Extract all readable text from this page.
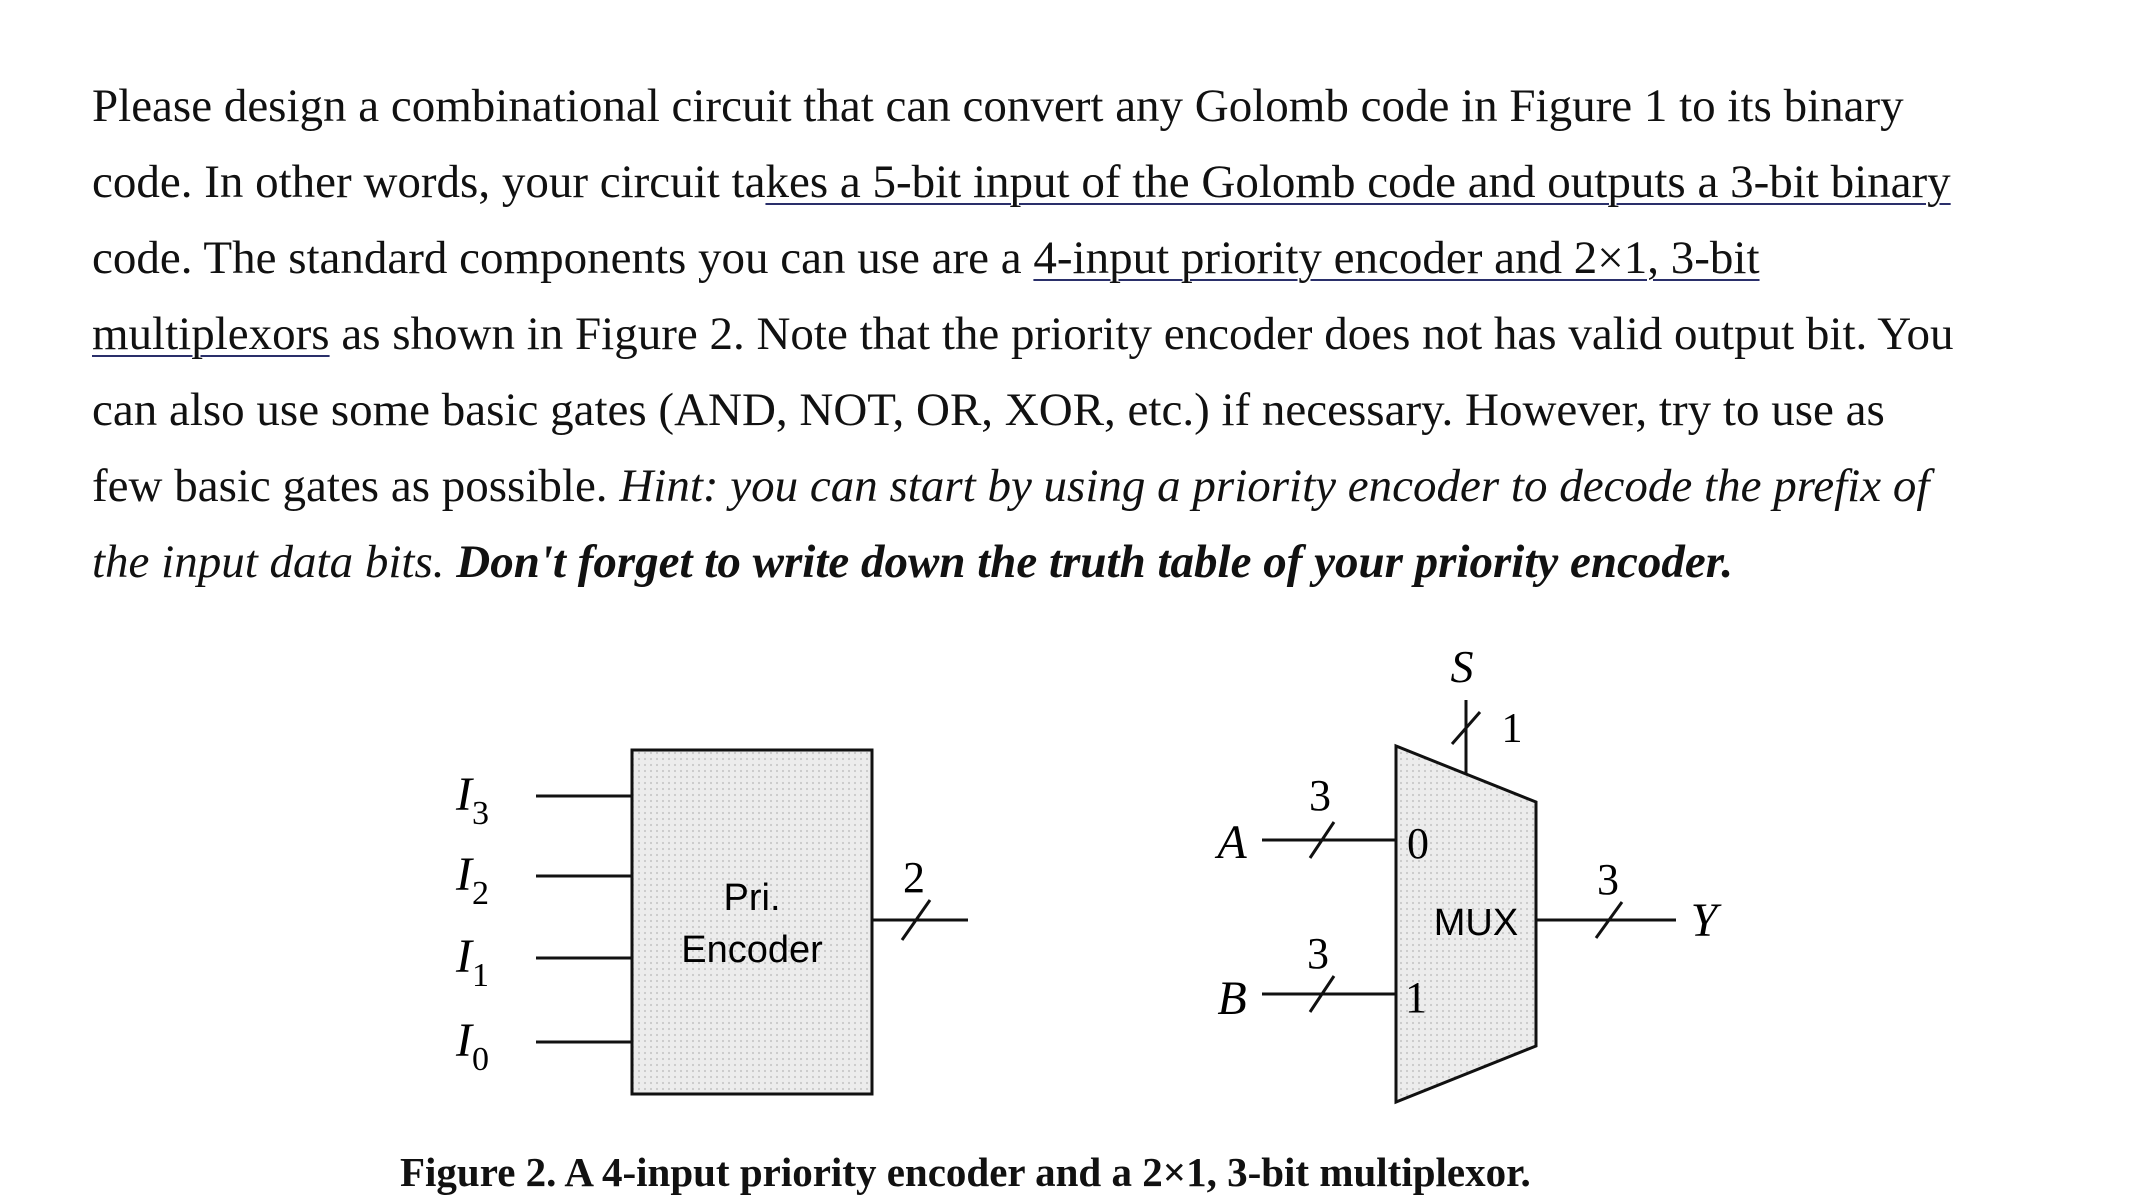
Please design a combinational circuit that can convert any Golomb code in Figure 1 to its binary
code. In other words, your circuit takes a 5-bit input of the Golomb code and outputs a 3-bit binary
code. The standard components you can use are a 4-input priority encoder and 2×1, 3-bit
multiplexors as shown in Figure 2. Note that the priority encoder does not has valid output bit. You
can also use some basic gates (AND, NOT, OR, XOR, etc.) if necessary. However, try to use as
few basic gates as possible. Hint: you can start by using a priority encoder to decode the prefix of
the input data bits. Don't forget to write down the truth table of your priority encoder.
Pri.
Encoder
$I_3$
$I_2$
$I_1$
$I_0$
2
MUX
S
1
A
3
0
B
3
1
3
Y
Figure 2. A 4-input priority encoder and a 2×1, 3-bit multiplexor.
